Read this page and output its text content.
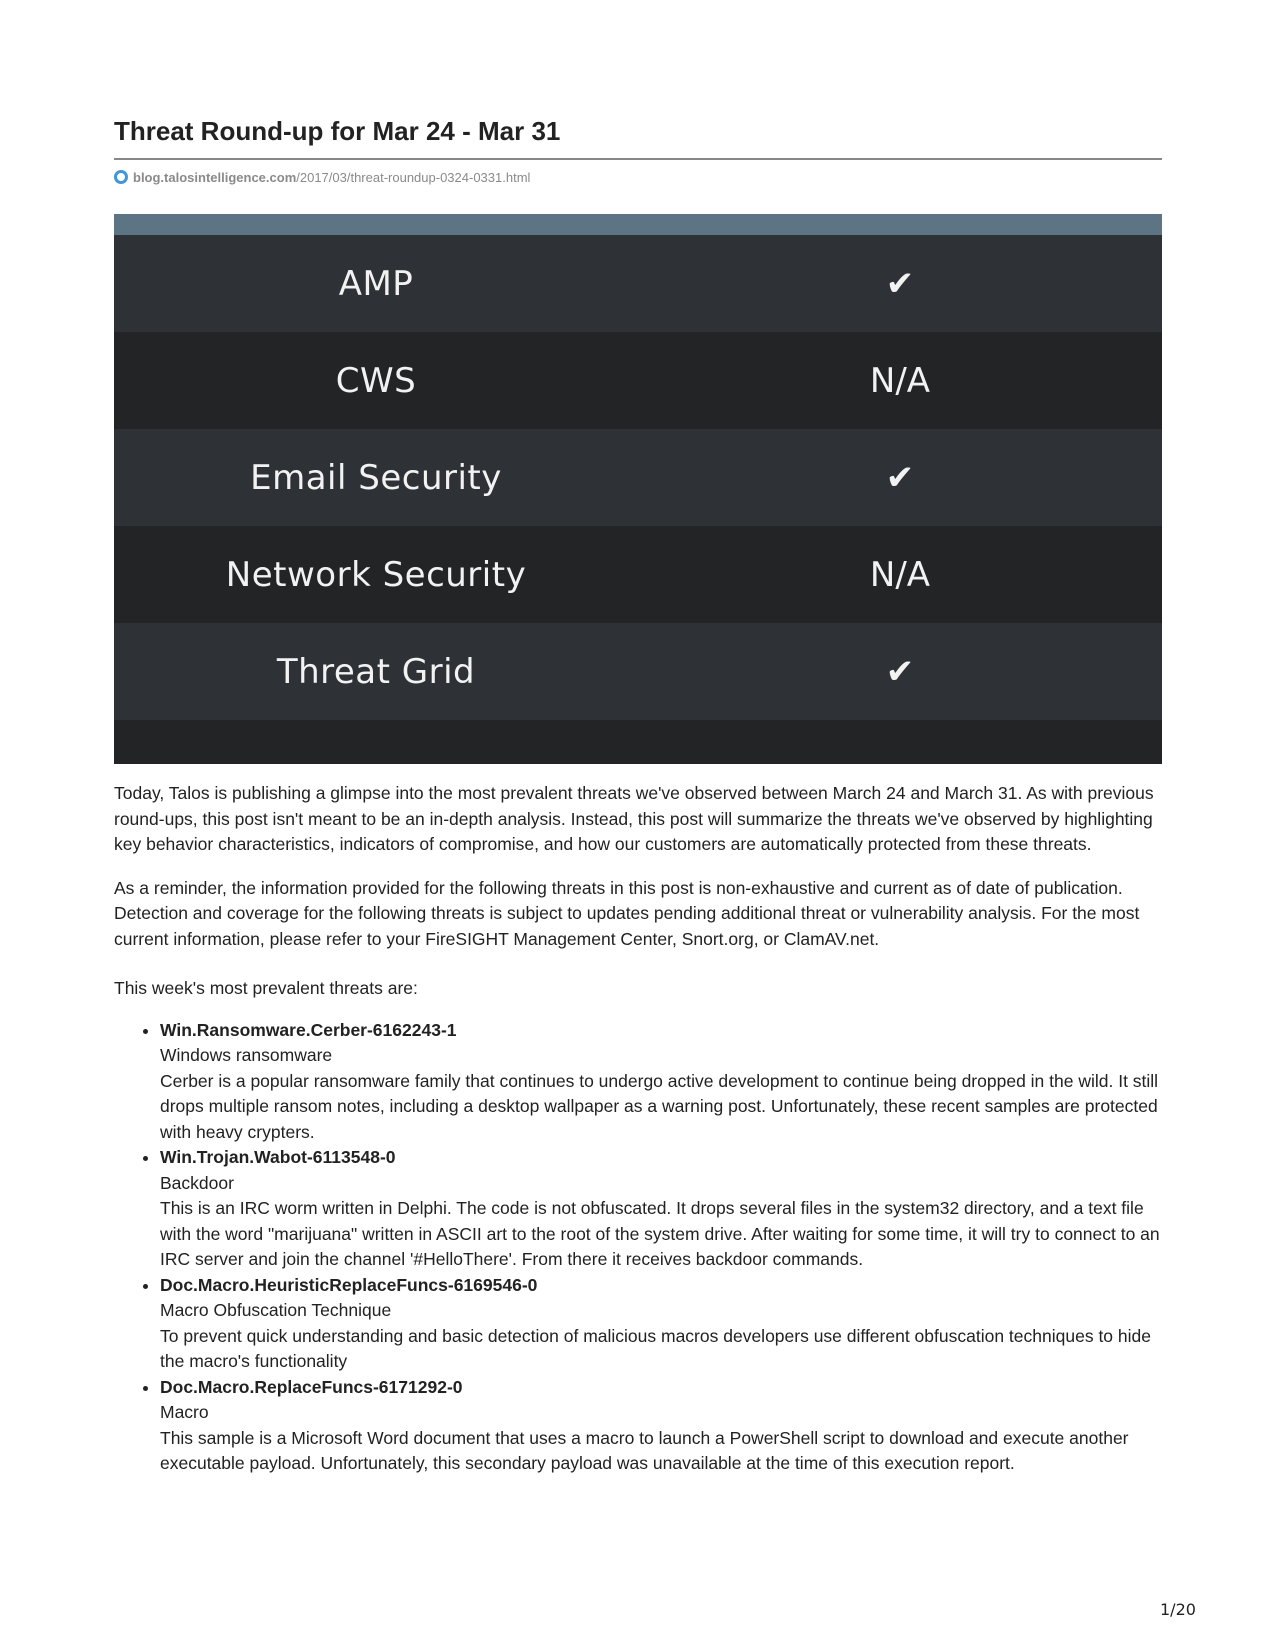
Threat Round-up for Mar 24 - Mar 31
blog.talosintelligence.com /2017/03/threat-roundup-0324-0331.html
AMP	✔
CWS	N/A
Email Security	✔
Network Security	N/A
Threat Grid	✔

Today, Talos is publishing a glimpse into the most prevalent threats we've observed between March 24 and March 31. As with previous round-ups, this post isn't meant to be an in-depth analysis. Instead, this post will summarize the threats we've observed by highlighting key behavior characteristics, indicators of compromise, and how our customers are automatically protected from these threats.

As a reminder, the information provided for the following threats in this post is non-exhaustive and current as of date of publication. Detection and coverage for the following threats is subject to updates pending additional threat or vulnerability analysis. For the most current information, please refer to your FireSIGHT Management Center, Snort.org, or ClamAV.net.

This week's most prevalent threats are:

• Win.Ransomware.Cerber-6162243-1
Windows ransomware
Cerber is a popular ransomware family that continues to undergo active development to continue being dropped in the wild. It still drops multiple ransom notes, including a desktop wallpaper as a warning post. Unfortunately, these recent samples are protected with heavy crypters.
• Win.Trojan.Wabot-6113548-0
Backdoor
This is an IRC worm written in Delphi. The code is not obfuscated. It drops several files in the system32 directory, and a text file with the word "marijuana" written in ASCII art to the root of the system drive. After waiting for some time, it will try to connect to an IRC server and join the channel '#HelloThere'. From there it receives backdoor commands.
• Doc.Macro.HeuristicReplaceFuncs-6169546-0
Macro Obfuscation Technique
To prevent quick understanding and basic detection of malicious macros developers use different obfuscation techniques to hide the macro's functionality
• Doc.Macro.ReplaceFuncs-6171292-0
Macro
This sample is a Microsoft Word document that uses a macro to launch a PowerShell script to download and execute another executable payload. Unfortunately, this secondary payload was unavailable at the time of this execution report.
1/20
